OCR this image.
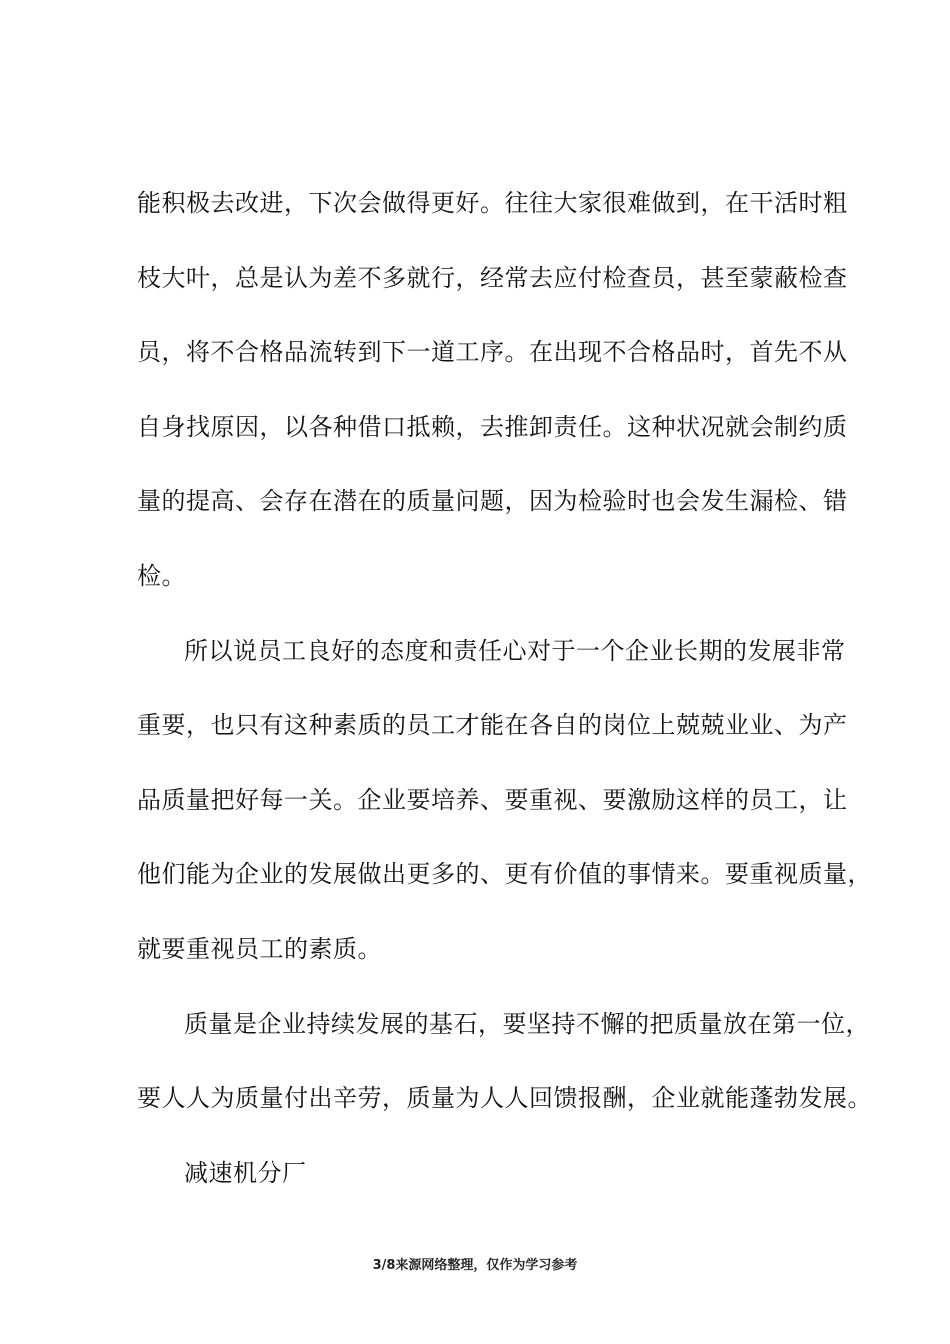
能积极去改进，下次会做得更好。往往大家很难做到，在干活时粗
枝大叶，总是认为差不多就行，经常去应付检查员，甚至蒙蔽检查
员，将不合格品流转到下一道工序。在出现不合格品时，首先不从
自身找原因，以各种借口抵赖，去推卸责任。这种状况就会制约质
量的提高、会存在潜在的质量问题，因为检验时也会发生漏检、错
检。
所以说员工良好的态度和责任心对于一个企业长期的发展非常
重要，也只有这种素质的员工才能在各自的岗位上兢兢业业、为产
品质量把好每一关。企业要培养、要重视、要激励这样的员工，让
他们能为企业的发展做出更多的、更有价值的事情来。要重视质量，
就要重视员工的素质。
质量是企业持续发展的基石，要坚持不懈的把质量放在第一位，
要人人为质量付出辛劳，质量为人人回馈报酬，企业就能蓬勃发展。
减速机分厂
3/8来源网络整理，仅作为学习参考
